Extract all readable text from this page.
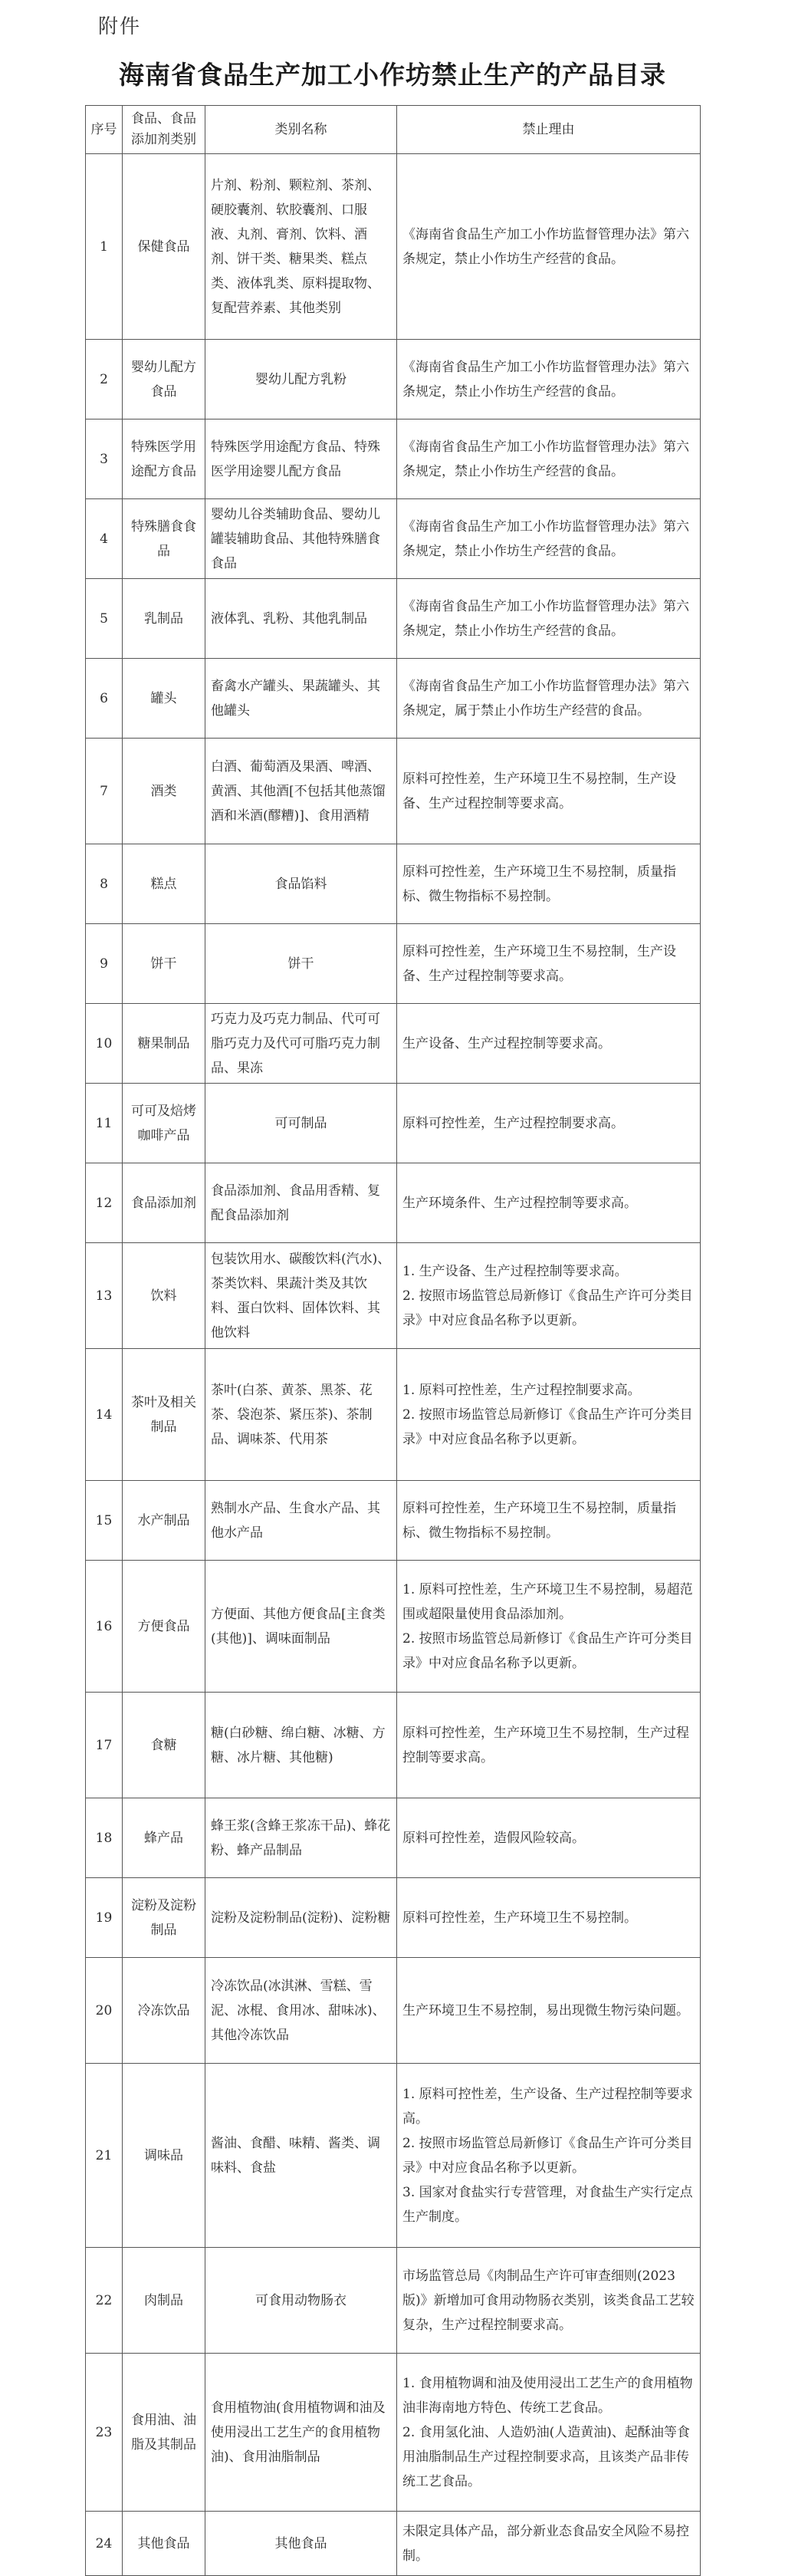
附件
海南省食品生产加工小作坊禁止生产的产品目录
序号	食品、食品添加剂类别	类别名称	禁止理由
1	保健食品	片剂、粉剂、颗粒剂、茶剂、硬胶囊剂、软胶囊剂、口服液、丸剂、膏剂、饮料、酒剂、饼干类、糖果类、糕点类、液体乳类、原料提取物、复配营养素、其他类别	《海南省食品生产加工小作坊监督管理办法》第六条规定，禁止小作坊生产经营的食品。

2	婴幼儿配方食品	婴幼儿配方乳粉	《海南省食品生产加工小作坊监督管理办法》第六条规定，禁止小作坊生产经营的食品。

3	特殊医学用途配方食品	特殊医学用途配方食品、特殊医学用途婴儿配方食品	《海南省食品生产加工小作坊监督管理办法》第六条规定，禁止小作坊生产经营的食品。

4	特殊膳食食品	婴幼儿谷类辅助食品、婴幼儿罐装辅助食品、其他特殊膳食食品	《海南省食品生产加工小作坊监督管理办法》第六条规定，禁止小作坊生产经营的食品。

5	乳制品	液体乳、乳粉、其他乳制品	《海南省食品生产加工小作坊监督管理办法》第六条规定，禁止小作坊生产经营的食品。

6	罐头	畜禽水产罐头、果蔬罐头、其他罐头	《海南省食品生产加工小作坊监督管理办法》第六条规定，属于禁止小作坊生产经营的食品。

7	酒类	白酒、葡萄酒及果酒、啤酒、黄酒、其他酒[不包括其他蒸馏酒和米酒(醪糟)]、食用酒精	原料可控性差，生产环境卫生不易控制，生产设备、生产过程控制等要求高。

8	糕点	食品馅料	原料可控性差，生产环境卫生不易控制，质量指标、微生物指标不易控制。

9	饼干	饼干	原料可控性差，生产环境卫生不易控制，生产设备、生产过程控制等要求高。

10	糖果制品	巧克力及巧克力制品、代可可脂巧克力及代可可脂巧克力制品、果冻	生产设备、生产过程控制等要求高。

11	可可及焙烤咖啡产品	可可制品	原料可控性差，生产过程控制要求高。

12	食品添加剂	食品添加剂、食品用香精、复配食品添加剂	生产环境条件、生产过程控制等要求高。

13	饮料	包装饮用水、碳酸饮料(汽水)、茶类饮料、果蔬汁类及其饮料、蛋白饮料、固体饮料、其他饮料	1. 生产设备、生产过程控制等要求高。
2. 按照市场监管总局新修订《食品生产许可分类目录》中对应食品名称予以更新。

14	茶叶及相关制品	茶叶(白茶、黄茶、黑茶、花茶、袋泡茶、紧压茶)、茶制品、调味茶、代用茶	1. 原料可控性差，生产过程控制要求高。
2. 按照市场监管总局新修订《食品生产许可分类目录》中对应食品名称予以更新。

15	水产制品	熟制水产品、生食水产品、其他水产品	原料可控性差，生产环境卫生不易控制，质量指标、微生物指标不易控制。

16	方便食品	方便面、其他方便食品[主食类(其他)]、调味面制品	1. 原料可控性差，生产环境卫生不易控制，易超范围或超限量使用食品添加剂。
2. 按照市场监管总局新修订《食品生产许可分类目录》中对应食品名称予以更新。

17	食糖	糖(白砂糖、绵白糖、冰糖、方糖、冰片糖、其他糖)	原料可控性差，生产环境卫生不易控制，生产过程控制等要求高。

18	蜂产品	蜂王浆(含蜂王浆冻干品)、蜂花粉、蜂产品制品	原料可控性差，造假风险较高。

19	淀粉及淀粉制品	淀粉及淀粉制品(淀粉)、淀粉糖	原料可控性差，生产环境卫生不易控制。

20	冷冻饮品	冷冻饮品(冰淇淋、雪糕、雪泥、冰棍、食用冰、甜味冰)、其他冷冻饮品	生产环境卫生不易控制，易出现微生物污染问题。

21	调味品	酱油、食醋、味精、酱类、调味料、食盐	1. 原料可控性差，生产设备、生产过程控制等要求高。
2. 按照市场监管总局新修订《食品生产许可分类目录》中对应食品名称予以更新。
3. 国家对食盐实行专营管理，对食盐生产实行定点生产制度。

22	肉制品	可食用动物肠衣	市场监管总局《肉制品生产许可审查细则(2023版)》新增加可食用动物肠衣类别，该类食品工艺较复杂，生产过程控制要求高。

23	食用油、油脂及其制品	食用植物油(食用植物调和油及使用浸出工艺生产的食用植物油)、食用油脂制品	1. 食用植物调和油及使用浸出工艺生产的食用植物油非海南地方特色、传统工艺食品。
2. 食用氢化油、人造奶油(人造黄油)、起酥油等食用油脂制品生产过程控制要求高，且该类产品非传统工艺食品。

24	其他食品	其他食品	未限定具体产品，部分新业态食品安全风险不易控制。
